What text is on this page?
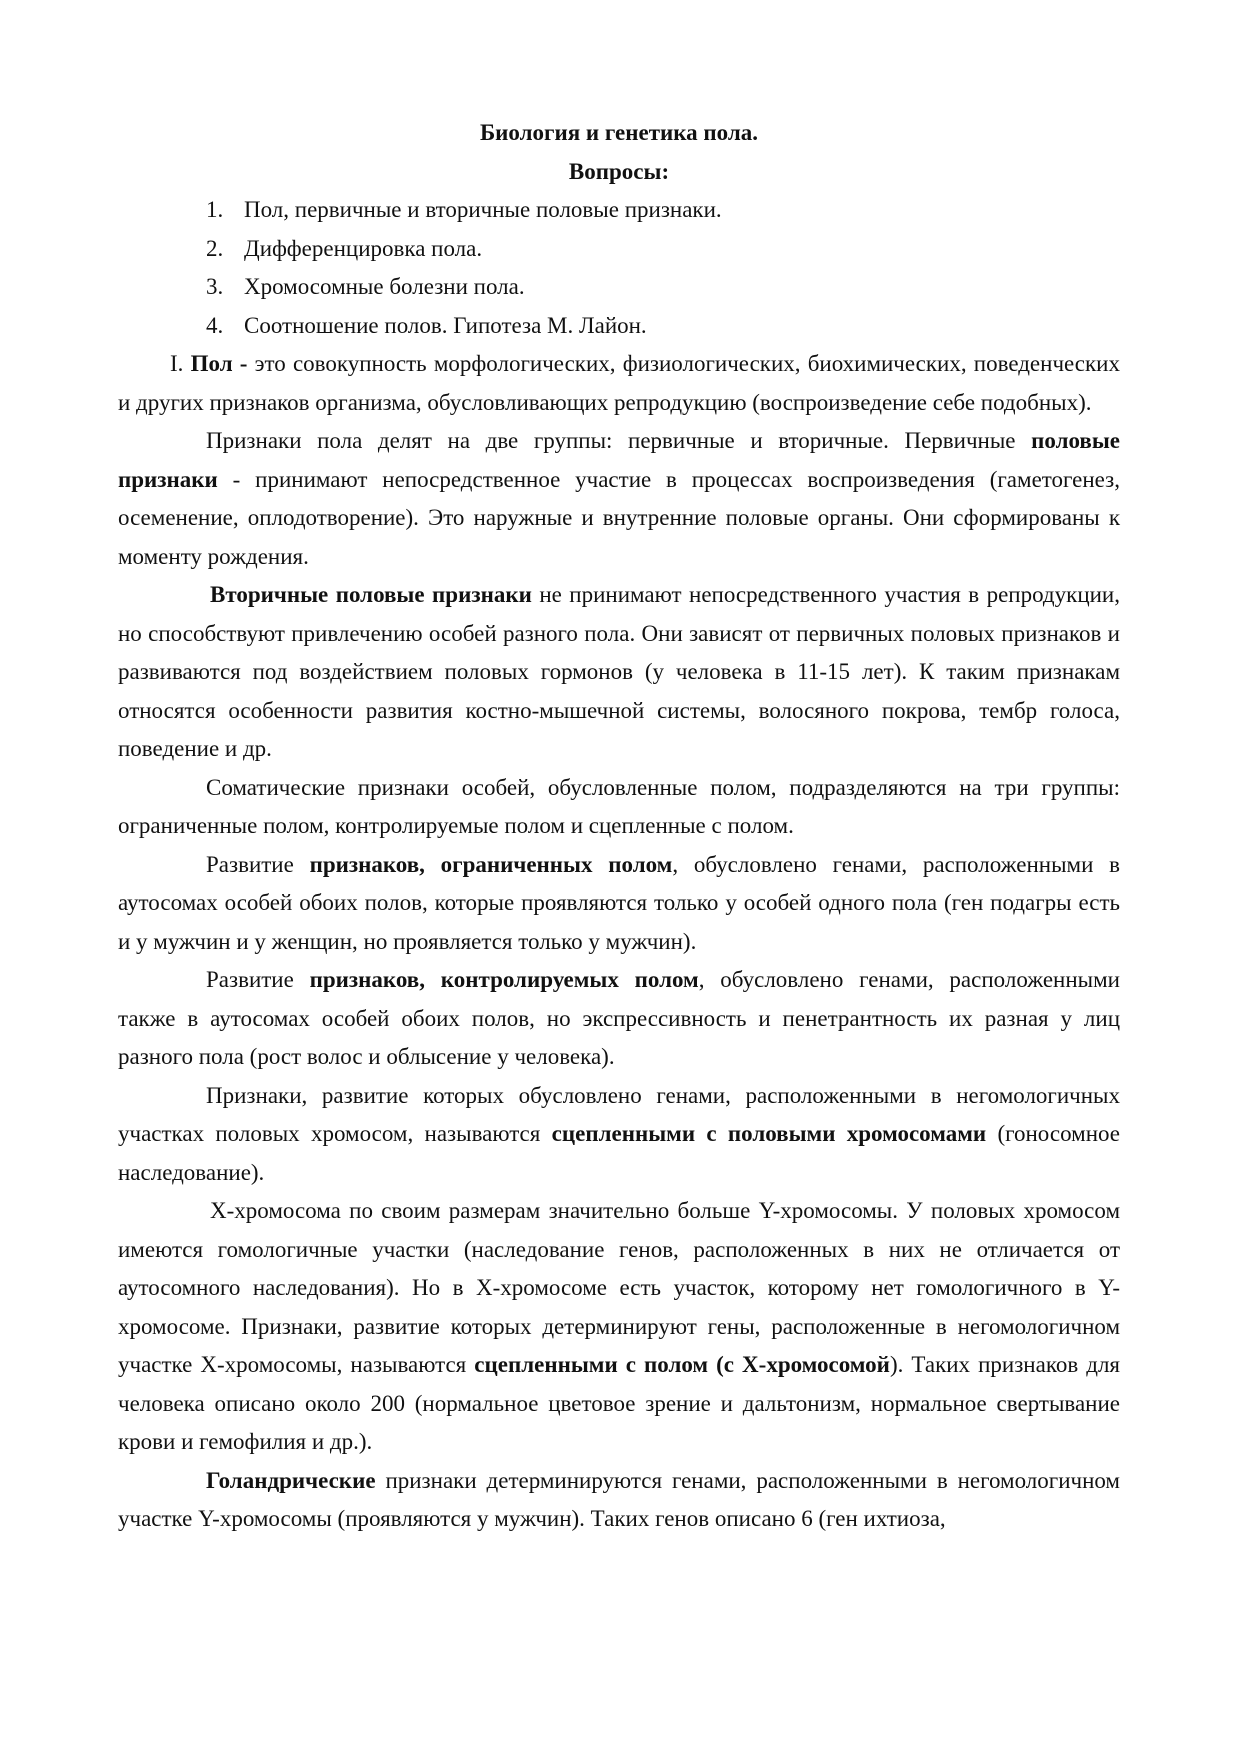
Биология и генетика пола.
Вопросы:
1. Пол, первичные и вторичные половые признаки.
2. Дифференцировка пола.
3. Хромосомные болезни пола.
4. Соотношение полов. Гипотеза М. Лайон.

I. Пол - это совокупность морфологических, физиологических, биохимических, поведенческих и других признаков организма, обусловливающих репродукцию (воспроизведение себе подобных).

Признаки пола делят на две группы: первичные и вторичные. Первичные половые признаки - принимают непосредственное участие в процессах воспроизведения (гаметогенез, осеменение, оплодотворение). Это наружные и внутренние половые органы. Они сформированы к моменту рождения.

Вторичные половые признаки не принимают непосредственного участия в репродукции, но способствуют привлечению особей разного пола. Они зависят от первичных половых признаков и развиваются под воздействием половых гормонов (у человека в 11-15 лет). К таким признакам относятся особенности развития костно-мышечной системы, волосяного покрова, тембр голоса, поведение и др.

Соматические признаки особей, обусловленные полом, подразделяются на три группы: ограниченные полом, контролируемые полом и сцепленные с полом.

Развитие признаков, ограниченных полом, обусловлено генами, расположенными в аутосомах особей обоих полов, которые проявляются только у особей одного пола (ген подагры есть и у мужчин и у женщин, но проявляется только у мужчин).

Развитие признаков, контролируемых полом, обусловлено генами, расположенными также в аутосомах особей обоих полов, но экспрессивность и пенетрантность их разная у лиц разного пола (рост волос и облысение у человека).

Признаки, развитие которых обусловлено генами, расположенными в негомологичных участках половых хромосом, называются сцепленными с половыми хромосомами (гоносомное наследование).

X-хромосома по своим размерам значительно больше Y-хромосомы. У половых хромосом имеются гомологичные участки (наследование генов, расположенных в них не отличается от аутосомного наследования). Но в X-хромосоме есть участок, которому нет гомологичного в Y-хромосоме. Признаки, развитие которых детерминируют гены, расположенные в негомологичном участке X-хромосомы, называются сцепленными с полом (с X-хромосомой). Таких признаков для человека описано около 200 (нормальное цветовое зрение и дальтонизм, нормальное свертывание крови и гемофилия и др.).

Голандрические признаки детерминируются генами, расположенными в негомологичном участке Y-хромосомы (проявляются у мужчин). Таких генов описано 6 (ген ихтиоза,
